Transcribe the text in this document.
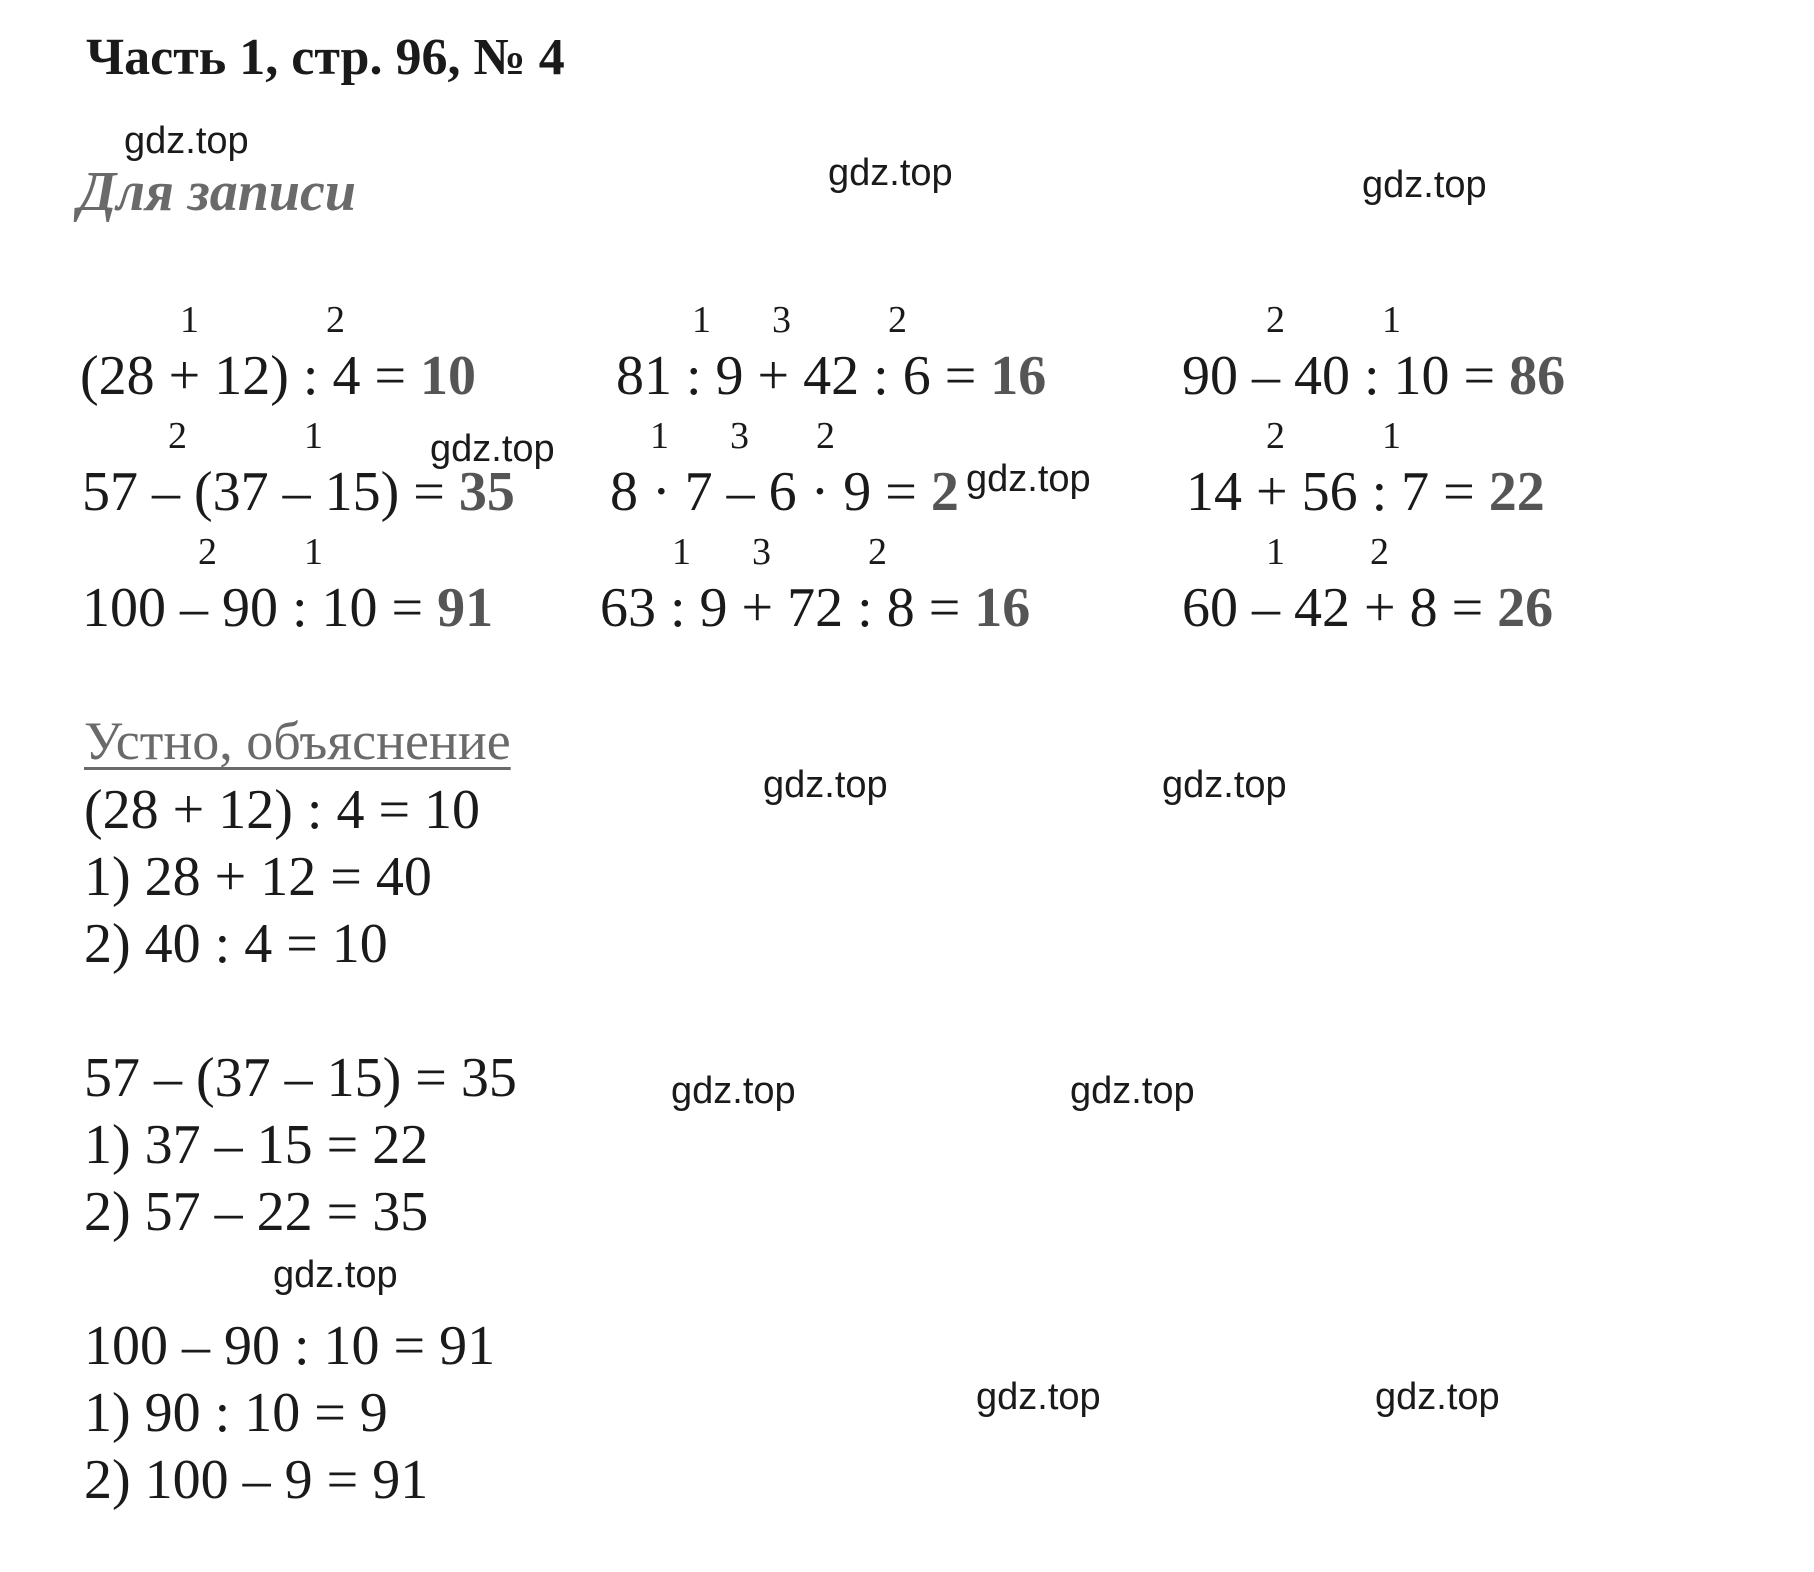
Часть 1, стр. 96, № 4
Для записи
gdz.top
gdz.top	gdz.top
gdz.top
gdz.top
gdz.top	gdz.top
gdz.top	gdz.top
gdz.top
gdz.top	gdz.top
1	2
(28 + 12) : 4 = 10
1 3	2
81 : 9 + 42 : 6 = 16
2	1
90 – 40 : 10 = 86
2	1
57 – (37 – 15) = 35
1 3 2
8 · 7 – 6 · 9 = 2
2	1
14 + 56 : 7 = 22
2 1
100 – 90 : 10 = 91
1 3	2
63 : 9 + 72 : 8 = 16
1 2
60 – 42 + 8 = 26
Устно, объяснение
(28 + 12) : 4 = 10
1) 28 + 12 = 40
2) 40 : 4 = 10
57 – (37 – 15) = 35
1) 37 – 15 = 22
2) 57 – 22 = 35
100 – 90 : 10 = 91
1) 90 : 10 = 9
2) 100 – 9 = 91
